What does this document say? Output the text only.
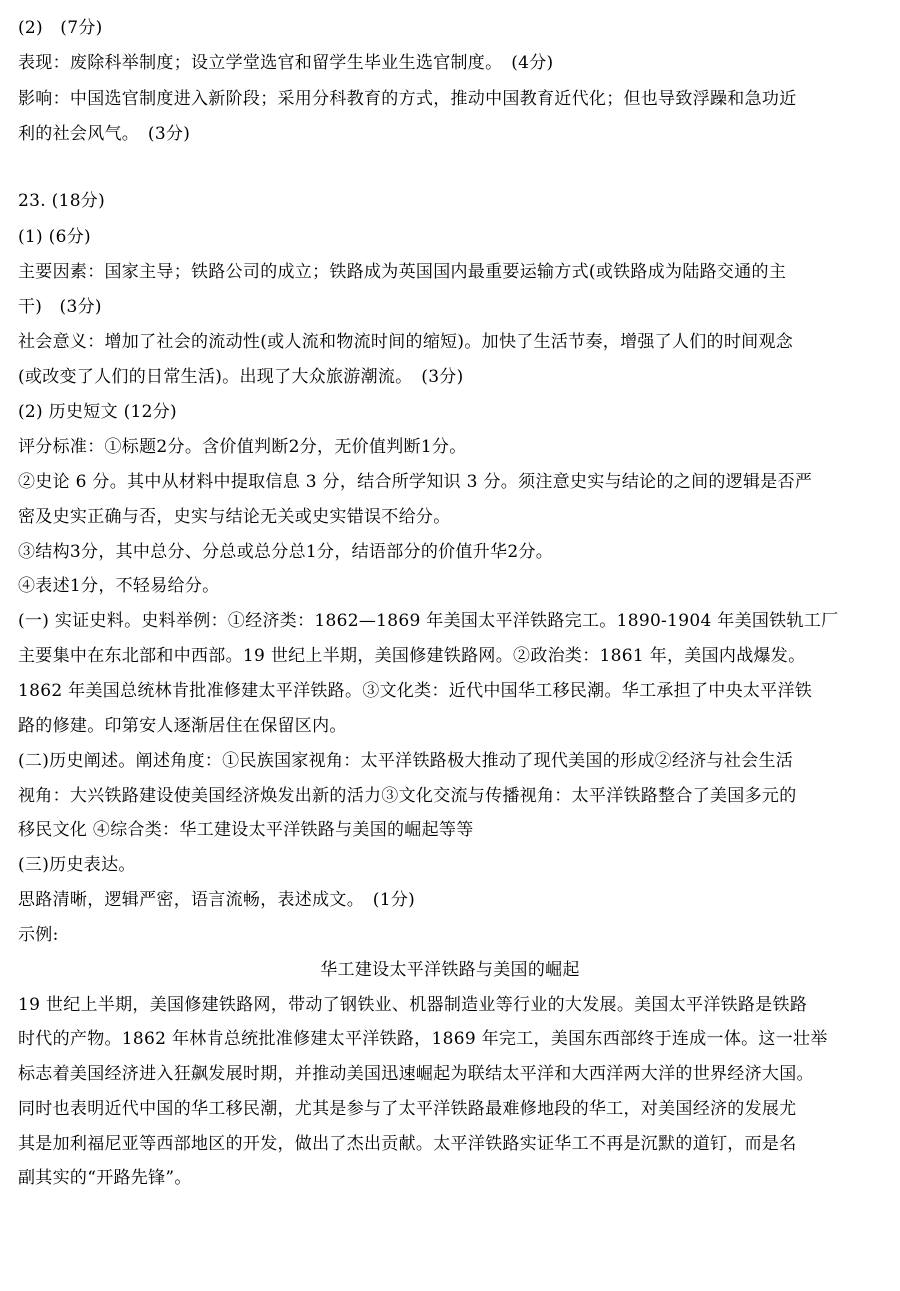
(2)　(7分)
表现：废除科举制度；设立学堂选官和留学生毕业生选官制度。　(4分)
影响：中国选官制度进入新阶段；采用分科教育的方式，推动中国教育近代化；但也导致浮躁和急功近
利的社会风气。　(3分)
23. (18分)
(1) (6分)
主要因素：国家主导；铁路公司的成立；铁路成为英国国内最重要运输方式(或铁路成为陆路交通的主
干)　(3分)
社会意义：增加了社会的流动性(或人流和物流时间的缩短)。加快了生活节奏，增强了人们的时间观念
(或改变了人们的日常生活)。出现了大众旅游潮流。　(3分)
(2) 历史短文 (12分)
评分标准：①标题2分。含价值判断2分，无价值判断1分。
②史论 6 分。其中从材料中提取信息 3 分，结合所学知识 3 分。须注意史实与结论的之间的逻辑是否严
密及史实正确与否，史实与结论无关或史实错误不给分。
③结构3分，其中总分、分总或总分总1分，结语部分的价值升华2分。
④表述1分，不轻易给分。
(一) 实证史料。史料举例：①经济类：1862—1869 年美国太平洋铁路完工。1890-1904 年美国铁轨工厂
主要集中在东北部和中西部。19 世纪上半期，美国修建铁路网。②政治类：1861 年，美国内战爆发。
1862 年美国总统林肯批准修建太平洋铁路。③文化类：近代中国华工移民潮。华工承担了中央太平洋铁
路的修建。印第安人逐渐居住在保留区内。
(二)历史阐述。阐述角度：①民族国家视角：太平洋铁路极大推动了现代美国的形成②经济与社会生活
视角：大兴铁路建设使美国经济焕发出新的活力③文化交流与传播视角：太平洋铁路整合了美国多元的
移民文化 ④综合类：华工建设太平洋铁路与美国的崛起等等
(三)历史表达。
思路清晰，逻辑严密，语言流畅，表述成文。　(1分)
示例:
华工建设太平洋铁路与美国的崛起
19 世纪上半期，美国修建铁路网，带动了钢铁业、机器制造业等行业的大发展。美国太平洋铁路是铁路
时代的产物。1862 年林肯总统批准修建太平洋铁路，1869 年完工，美国东西部终于连成一体。这一壮举
标志着美国经济进入狂飙发展时期，并推动美国迅速崛起为联结太平洋和大西洋两大洋的世界经济大国。
同时也表明近代中国的华工移民潮，尤其是参与了太平洋铁路最难修地段的华工，对美国经济的发展尤
其是加利福尼亚等西部地区的开发，做出了杰出贡献。太平洋铁路实证华工不再是沉默的道钉，而是名
副其实的“开路先锋”。
